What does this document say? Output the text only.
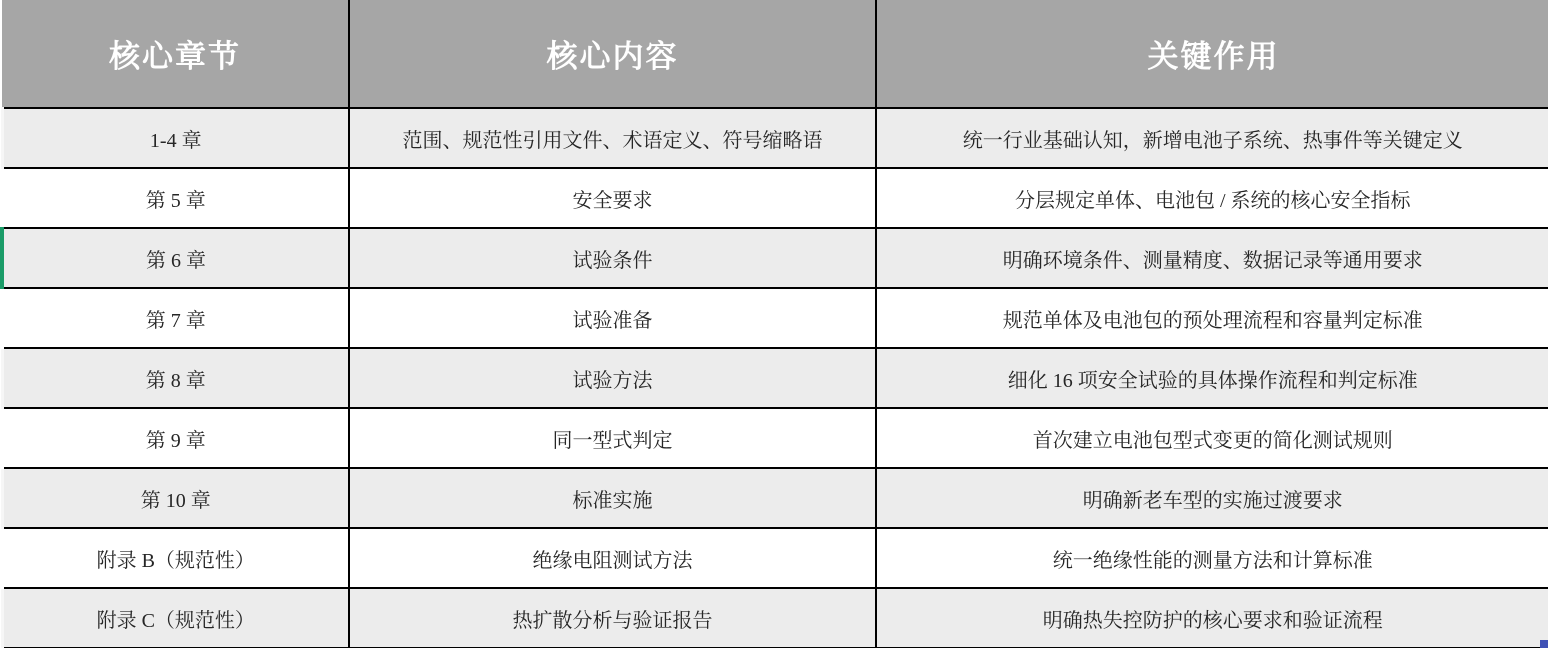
核心章节	核心内容	关键作用
1-4 章	范围、规范性引用文件、术语定义、符号缩略语	统一行业基础认知，新增电池子系统、热事件等关键定义
第 5 章	安全要求	分层规定单体、电池包 / 系统的核心安全指标
第 6 章	试验条件	明确环境条件、测量精度、数据记录等通用要求
第 7 章	试验准备	规范单体及电池包的预处理流程和容量判定标准
第 8 章	试验方法	细化 16 项安全试验的具体操作流程和判定标准
第 9 章	同一型式判定	首次建立电池包型式变更的简化测试规则
第 10 章	标准实施	明确新老车型的实施过渡要求
附录 B（规范性）	绝缘电阻测试方法	统一绝缘性能的测量方法和计算标准
附录 C（规范性）	热扩散分析与验证报告	明确热失控防护的核心要求和验证流程
